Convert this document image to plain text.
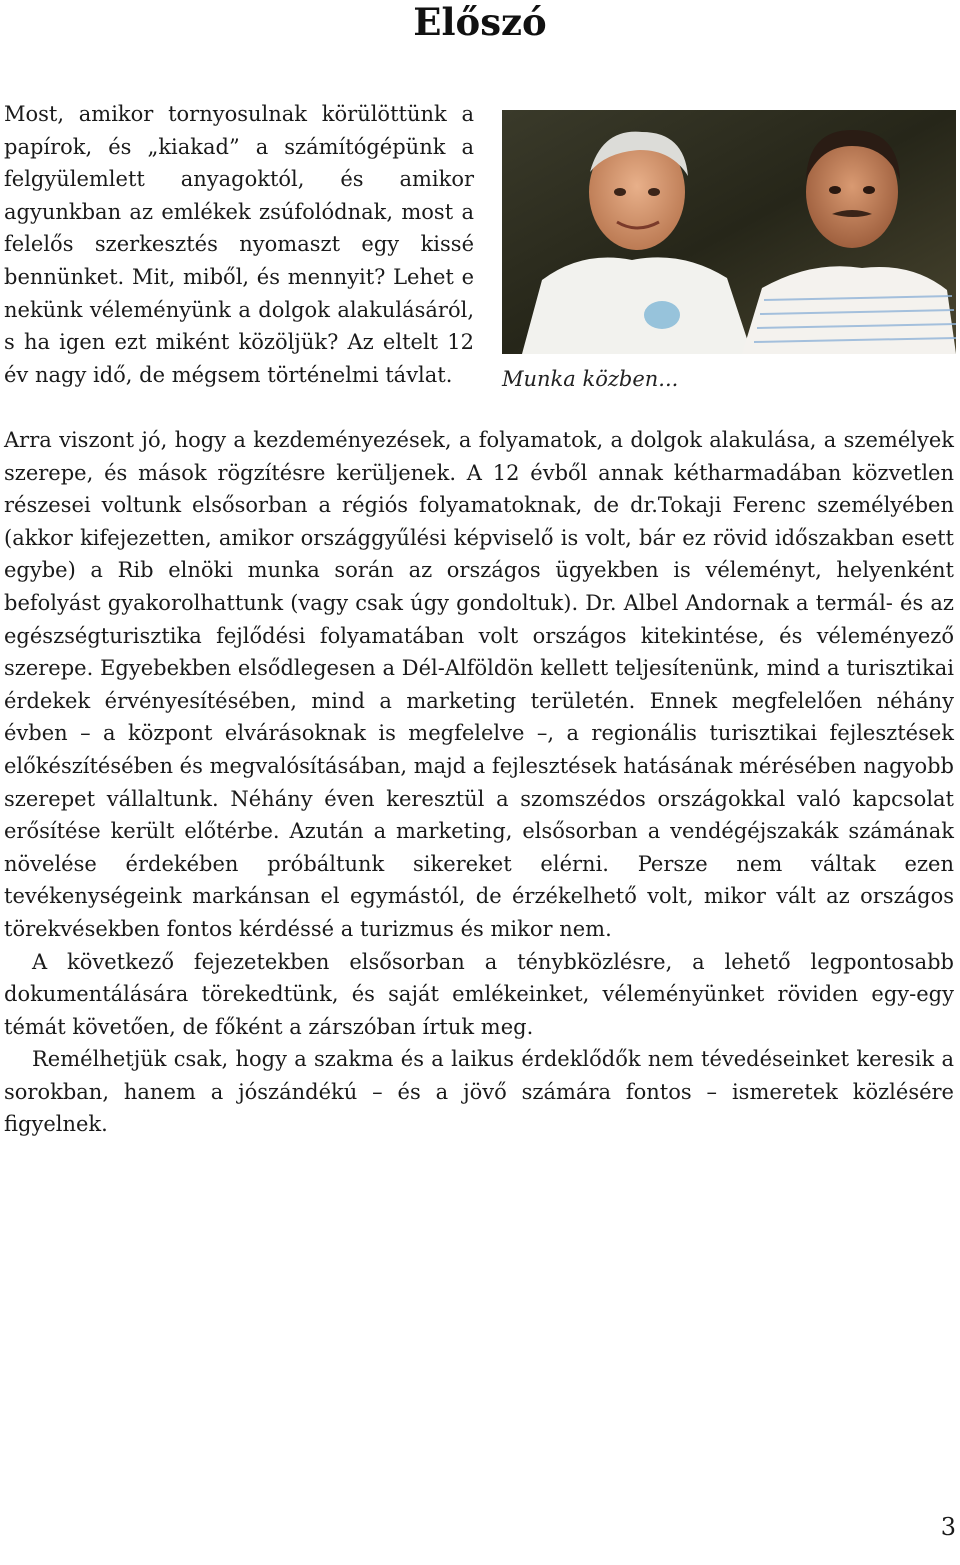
Előszó
Munka közben...

Most, amikor tornyosulnak körülöttünk a papírok, és „kiakad” a számítógépünk a felgyülemlett anyagoktól, és amikor agyunkban az emlékek zsúfolódnak, most a felelős szerkesztés nyomaszt egy kissé bennünket. Mit, miből, és mennyit? Lehet e nekünk véleményünk a dolgok alakulásáról, s ha igen ezt miként közöljük? Az eltelt 12 év nagy idő, de mégsem történelmi távlat.

Arra viszont jó, hogy a kezdeményezések, a folyamatok, a dolgok alakulása, a személyek szerepe, és mások rögzítésre kerüljenek. A 12 évből annak kétharmadában közvetlen részesei voltunk elsősorban a régiós folyamatoknak, de dr.Tokaji Ferenc személyében (akkor kifejezetten, amikor országgyűlési képviselő is volt, bár ez rövid időszakban esett egybe) a Rib elnöki munka során az országos ügyekben is véleményt, helyenként befolyást gyakorolhattunk (vagy csak úgy gondoltuk). Dr. Albel Andornak a termál- és az egészségturisztika fejlődési folyamatában volt országos kitekintése, és véleményező szerepe. Egyebekben elsődlegesen a Dél-Alföldön kellett teljesítenünk, mind a turisztikai érdekek érvényesítésében, mind a marketing területén. Ennek megfelelően néhány évben – a központ elvárásoknak is megfelelve –, a regionális turisztikai fejlesztések előkészítésében és megvalósításában, majd a fejlesztések hatásának mérésében nagyobb szerepet vállaltunk. Néhány éven keresztül a szomszédos országokkal való kapcsolat erősítése került előtérbe. Azután a marketing, elsősorban a vendégéjszakák számának növelése érdekében próbáltunk sikereket elérni. Persze nem váltak ezen tevékenységeink markánsan el egymástól, de érzékelhető volt, mikor vált az országos törekvésekben fontos kérdéssé a turizmus és mikor nem.

A következő fejezetekben elsősorban a ténybközlésre, a lehető legpontosabb dokumentálására törekedtünk, és saját emlékeinket, véleményünket röviden egy-egy témát követően, de főként a zárszóban írtuk meg.

Remélhetjük csak, hogy a szakma és a laikus érdeklődők nem tévedéseinket keresik a sorokban, hanem a jószándékú – és a jövő számára fontos – ismeretek közlésére figyelnek.

3
